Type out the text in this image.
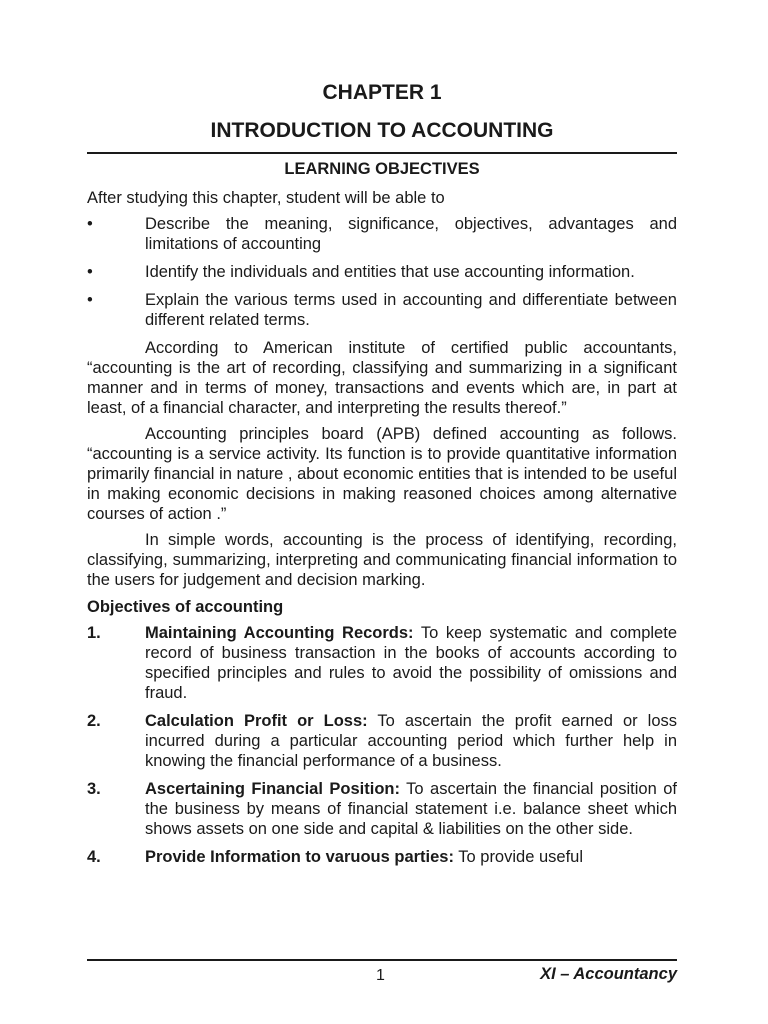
CHAPTER 1
INTRODUCTION TO ACCOUNTING
LEARNING OBJECTIVES

After studying this chapter, student will be able to

•	Describe the meaning, significance, objectives, advantages and limitations of accounting
•	Identify the individuals and entities that use accounting information.
•	Explain the various terms used in accounting and differentiate between different related terms.

According to American institute of certified public accountants, “accounting is the art of recording, classifying and summarizing in a significant manner and in terms of money, transactions and events which are, in part at least, of a financial character, and interpreting the results thereof.”

Accounting principles board (APB) defined accounting as follows. “accounting is a service activity. Its function is to provide quantitative information primarily financial in nature , about economic entities that is intended to be useful in making economic decisions in making reasoned choices among alternative courses of action .”

In simple words, accounting is the process of identifying, recording, classifying, summarizing, interpreting and communicating financial information to the users for judgement and decision marking.

Objectives of accounting

1.	Maintaining Accounting Records: To keep systematic and complete record of business transaction in the books of accounts according to specified principles and rules to avoid the possibility of omissions and fraud.
2.	Calculation Profit or Loss: To ascertain the profit earned or loss incurred during a particular accounting period which further help in knowing the financial performance of a business.
3.	Ascertaining Financial Position: To ascertain the financial position of the business by means of financial statement i.e. balance sheet which shows assets on one side and capital & liabilities on the other side.
4.	Provide Information to varuous parties: To provide useful
1	XI – Accountancy
